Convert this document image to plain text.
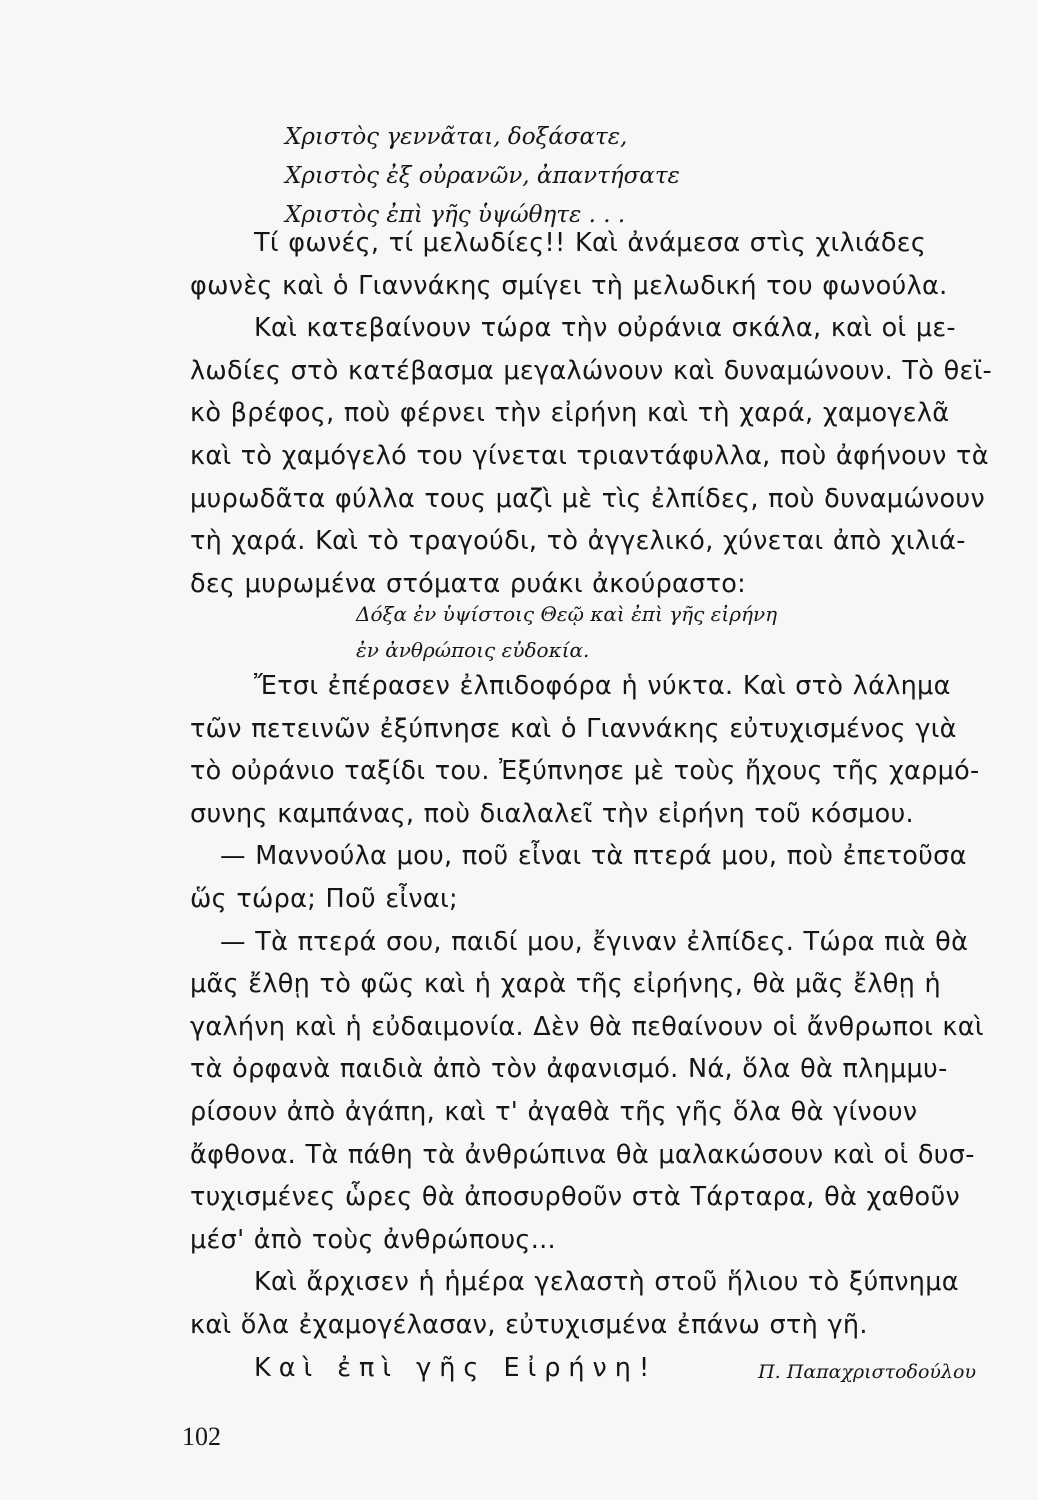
Χριστὸς γεννᾶται, δοξάσατε,
Χριστὸς ἐξ οὐρανῶν, ἀπαντήσατε
Χριστὸς ἐπὶ γῆς ὑψώθητε . . .
Τί φωνές, τί μελωδίες!! Καὶ ἀνάμεσα στὶς χιλιάδες
φωνὲς καὶ ὁ Γιαννάκης σμίγει τὴ μελωδική του φωνούλα.
Καὶ κατεβαίνουν τώρα τὴν οὐράνια σκάλα, καὶ οἱ με-
λωδίες στὸ κατέβασμα μεγαλώνουν καὶ δυναμώνουν. Τὸ θεϊ-
κὸ βρέφος, ποὺ φέρνει τὴν εἰρήνη καὶ τὴ χαρά, χαμογελᾶ
καὶ τὸ χαμόγελό του γίνεται τριαντάφυλλα, ποὺ ἀφήνουν τὰ
μυρωδᾶτα φύλλα τους μαζὶ μὲ τὶς ἐλπίδες, ποὺ δυναμώνουν
τὴ χαρά. Καὶ τὸ τραγούδι, τὸ ἀγγελικό, χύνεται ἀπὸ χιλιά-
δες μυρωμένα στόματα ρυάκι ἀκούραστο:
Δόξα ἐν ὑψίστοις Θεῷ καὶ ἐπὶ γῆς εἰρήνη
ἐν ἀνθρώποις εὐδοκία.
Ἔτσι ἐπέρασεν ἐλπιδοφόρα ἡ νύκτα. Καὶ στὸ λάλημα
τῶν πετεινῶν ἐξύπνησε καὶ ὁ Γιαννάκης εὐτυχισμένος γιὰ
τὸ οὐράνιο ταξίδι του. Ἐξύπνησε μὲ τοὺς ἤχους τῆς χαρμό-
συνης καμπάνας, ποὺ διαλαλεῖ τὴν εἰρήνη τοῦ κόσμου.
— Μαννούλα μου, ποῦ εἶναι τὰ πτερά μου, ποὺ ἐπετοῦσα
ὥς τώρα; Ποῦ εἶναι;
— Τὰ πτερά σου, παιδί μου, ἔγιναν ἐλπίδες. Τώρα πιὰ θὰ
μᾶς ἔλθῃ τὸ φῶς καὶ ἡ χαρὰ τῆς εἰρήνης, θὰ μᾶς ἔλθῃ ἡ
γαλήνη καὶ ἡ εὐδαιμονία. Δὲν θὰ πεθαίνουν οἱ ἄνθρωποι καὶ
τὰ ὀρφανὰ παιδιὰ ἀπὸ τὸν ἀφανισμό. Νά, ὅλα θὰ πλημμυ-
ρίσουν ἀπὸ ἀγάπη, καὶ τ' ἀγαθὰ τῆς γῆς ὅλα θὰ γίνουν
ἄφθονα. Τὰ πάθη τὰ ἀνθρώπινα θὰ μαλακώσουν καὶ οἱ δυσ-
τυχισμένες ὧρες θὰ ἀποσυρθοῦν στὰ Τάρταρα, θὰ χαθοῦν
μέσ' ἀπὸ τοὺς ἀνθρώπους...
Καὶ ἄρχισεν ἡ ἡμέρα γελαστὴ στοῦ ἥλιου τὸ ξύπνημα
καὶ ὅλα ἐχαμογέλασαν, εὐτυχισμένα ἐπάνω στὴ γῆ.
Καὶ ἐπὶ γῆς Εἰρήνη!	Π. Παπαχριστοδούλου
102
